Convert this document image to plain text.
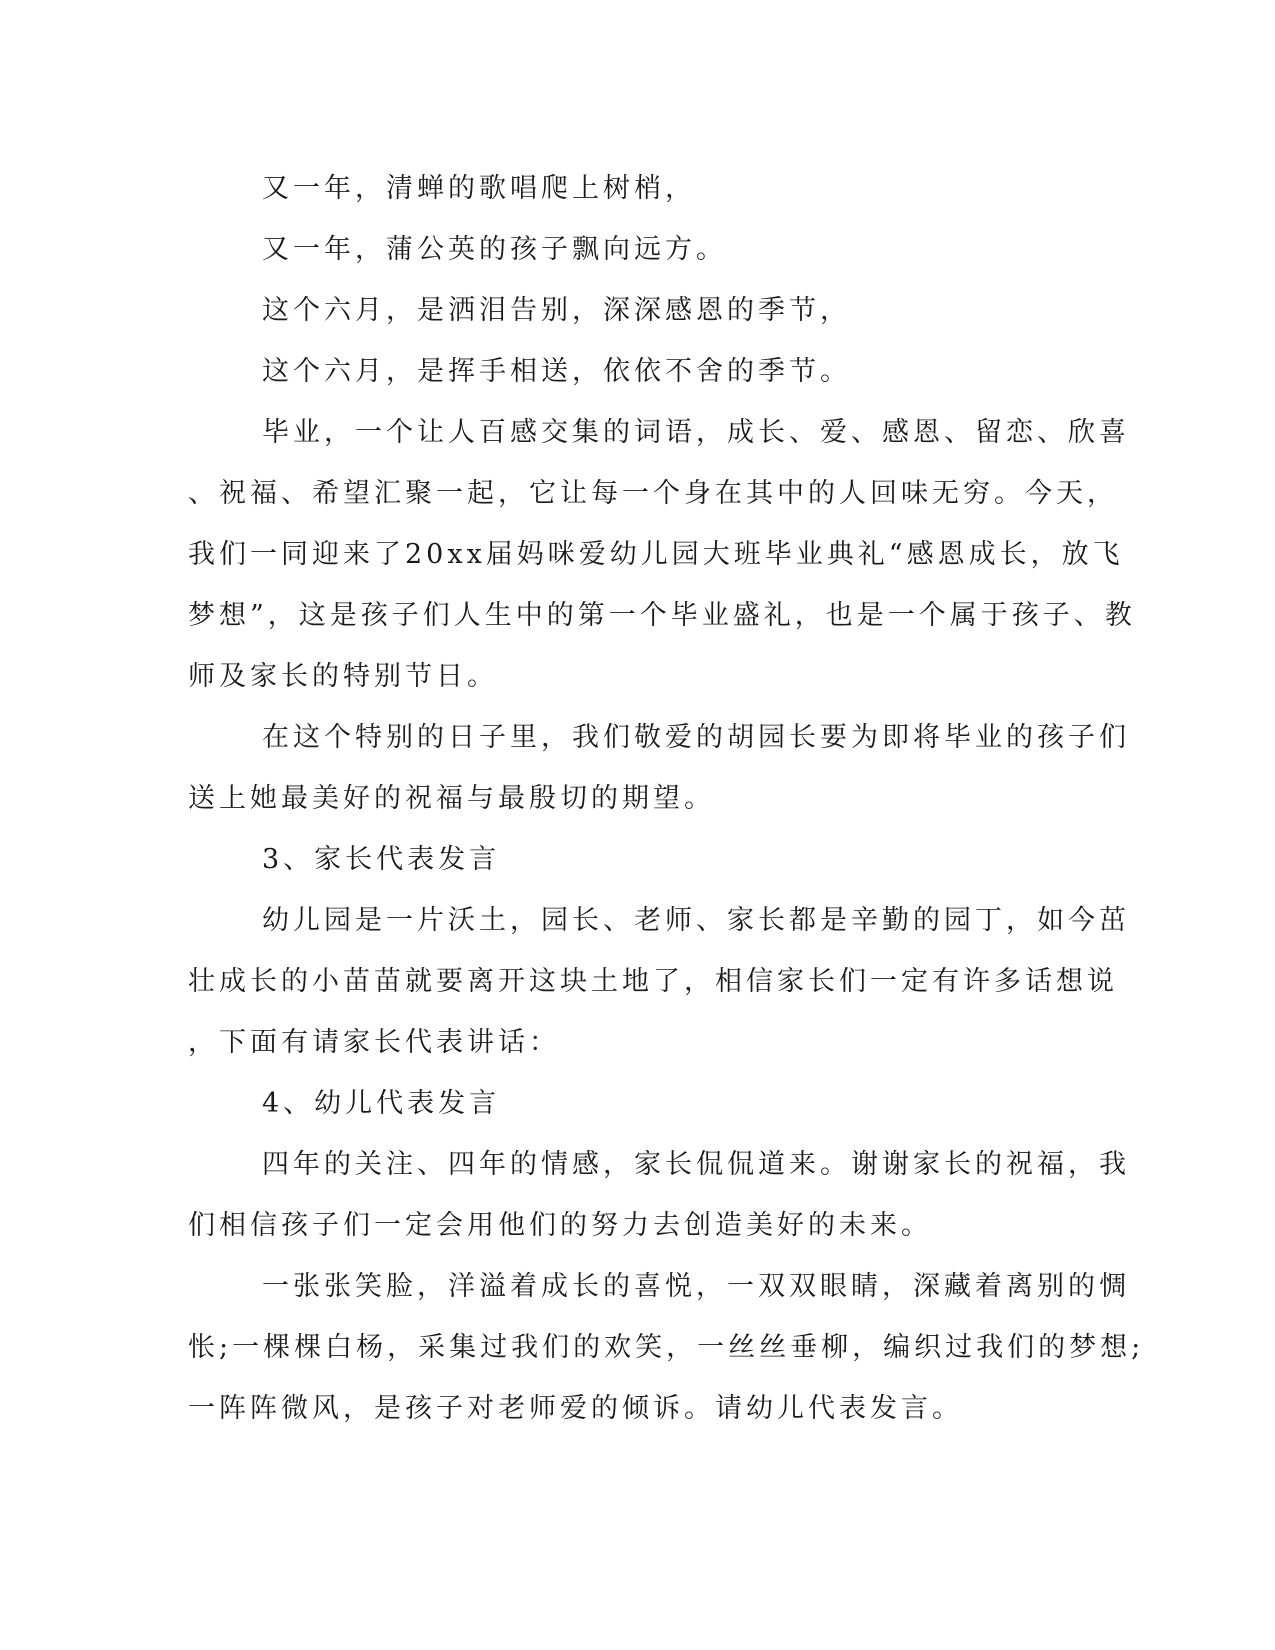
又一年，清蝉的歌唱爬上树梢，
又一年，蒲公英的孩子飘向远方。
这个六月，是洒泪告别，深深感恩的季节，
这个六月，是挥手相送，依依不舍的季节。
毕业，一个让人百感交集的词语，成长、爱、感恩、留恋、欣喜
、祝福、希望汇聚一起，它让每一个身在其中的人回味无穷。今天，
我们一同迎来了20xx届妈咪爱幼儿园大班毕业典礼“感恩成长，放飞
梦想”，这是孩子们人生中的第一个毕业盛礼，也是一个属于孩子、教
师及家长的特别节日。
在这个特别的日子里，我们敬爱的胡园长要为即将毕业的孩子们
送上她最美好的祝福与最殷切的期望。
3、家长代表发言
幼儿园是一片沃土，园长、老师、家长都是辛勤的园丁，如今茁
壮成长的小苗苗就要离开这块土地了，相信家长们一定有许多话想说
，下面有请家长代表讲话：
4、幼儿代表发言
四年的关注、四年的情感，家长侃侃道来。谢谢家长的祝福，我
们相信孩子们一定会用他们的努力去创造美好的未来。
一张张笑脸，洋溢着成长的喜悦，一双双眼睛，深藏着离别的惆
怅;一棵棵白杨，采集过我们的欢笑，一丝丝垂柳，编织过我们的梦想;
一阵阵微风，是孩子对老师爱的倾诉。请幼儿代表发言。
